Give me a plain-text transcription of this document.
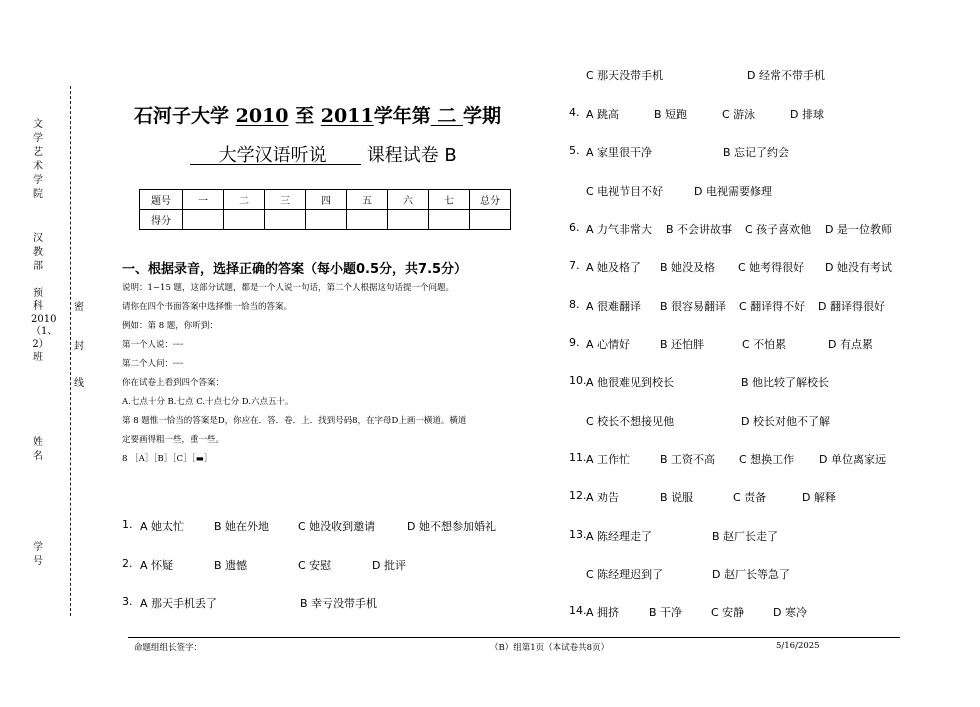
文学艺术学院
汉教部
预科2010（1、2）班
姓名
学号
密
封
线
石河子大学 2010 至 2011学年第 二 学期
大学汉语听说 课程试卷 B
题号	一	二	三	四	五	六	七	总分
得分								
一、根据录音，选择正确的答案（每小题0.5分，共7.5分）
说明：1~15 题，这部分试题，都是一个人说一句话，第二个人根据这句话提一个问题。
请你在四个书面答案中选择惟一恰当的答案。
例如：第 8 题，你听到：
第一个人说：┈┈
第二个人问：┈┈
你在试卷上看到四个答案：
A.七点十分 B.七点 C.十点七分 D.六点五十。
第 8 题惟一恰当的答案是D，你应在．答．卷．上．找到号码8，在字母D上画一横道。横道
定要画得粗一些，重一些。
8 ［A］［B］［C］［▬］
1. A 她太忙	B 她在外地	C 她没收到邀请	D 她不想参加婚礼
2. A 怀疑	B 遗憾	C 安慰	D 批评
3. A 那天手机丢了	B 幸亏没带手机
C 那天没带手机	D 经常不带手机
4. A 跳高	B 短跑	C 游泳	D 排球
5. A 家里很干净	B 忘记了约会
C 电视节目不好	D 电视需要修理
6. A 力气非常大 B 不会讲故事 C 孩子喜欢他 D 是一位教师
7. A 她及格了 B 她没及格 C 她考得很好 D 她没有考试
8. A 很难翻译 B 很容易翻译 C 翻译得不好 D 翻译得很好
9. A 心情好	B 还怕胖	C 不怕累	D 有点累
10. A 他很难见到校长	B 他比较了解校长
C 校长不想接见他	D 校长对他不了解
11. A 工作忙	B 工资不高 C 想换工作 D 单位离家远
12. A 劝告	B 说服	C 责备	D 解释
13. A 陈经理走了	B 赵厂长走了
C 陈经理迟到了	D 赵厂长等急了
14. A 拥挤	B 干净	C 安静	D 寒冷
命题组组长签字：	（B）组第1页（本试卷共8页）	5/16/2025
